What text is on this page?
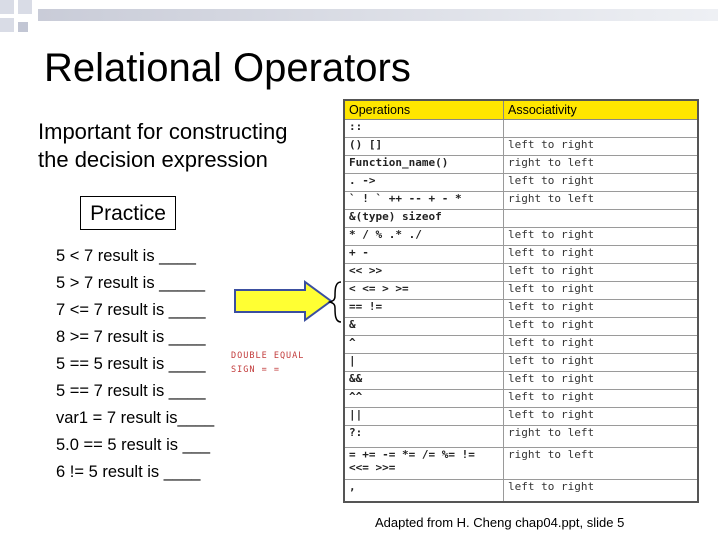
Relational Operators
Important for constructing
the decision expression
Practice
5 < 7 result is ____
5 > 7 result is _____
7 <= 7 result is ____
8 >= 7 result is ____
5 == 5 result is ____
5 == 7 result is ____
var1 = 7 result is____
5.0 == 5 result is ___
6 != 5 result is ____
Operations	Associativity
::	
() []	left to right
Function_name()	right to left
. ->	left to right
` ! ` ++ -- + - *	right to left
&(type) sizeof	
* / % .* ./	left to right
+ -	left to right
<< >>	left to right
< <= > >=	left to right
== !=	left to right
&	left to right
^	left to right
|	left to right
&&	left to right
^^	left to right
||	left to right
?:	right to left
= += -= *= /= %= != <<= >>=	right to left
,	left to right
DOUBLE EQUAL
SIGN = =
Adapted from H. Cheng chap04.ppt, slide 5
